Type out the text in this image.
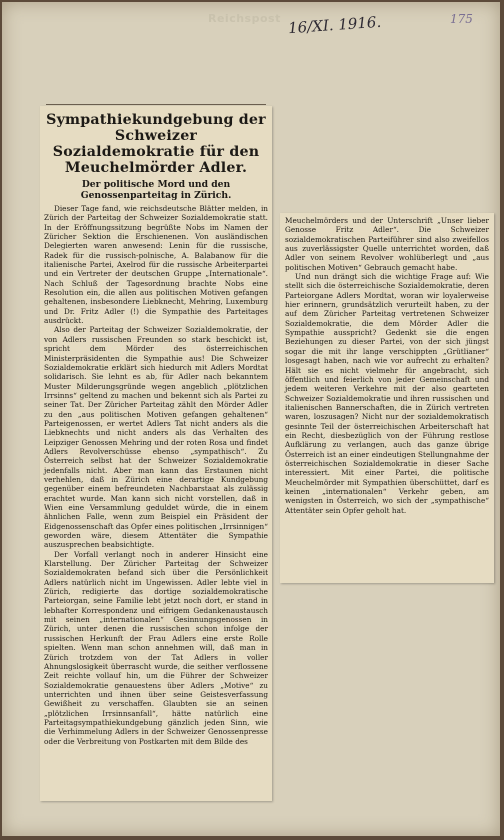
Reichspost 16/XI. 1916.	175
Sympathiekundgebung der Schweizer Sozialdemokratie für den Meuchelmörder Adler.
Der politische Mord und den Genossenparteitag in Zürich.

Dieser Tage fand, wie reichsdeutsche Blätter melden, in Zürich der Parteitag der Schweizer Sozialdemokratie statt. In der Eröffnungssitzung begrüßte Nobs im Namen der Züricher Sektion die Erschienenen. Von ausländischen Delegierten waren anwesend: Lenin für die russische, Radek für die russisch-polnische, A. Balabanow für die italienische Partei, Axelrod für die russische Arbeiterpartei und ein Vertreter der deutschen Gruppe „Internationale“. Nach Schluß der Tagesordnung brachte Nobs eine Resolution ein, die allen aus politischen Motiven gefangen gehaltenen, insbesondere Liebknecht, Mehring, Luxemburg und Dr. Fritz Adler (!) die Sympathie des Parteitages ausdrückt.

Also der Parteitag der Schweizer Sozialdemokratie, der von Adlers russischen Freunden so stark beschickt ist, spricht dem Mörder des österreichischen Ministerpräsidenten die Sympathie aus! Die Schweizer Sozialdemokratie erklärt sich hiedurch mit Adlers Mordtat solidarisch. Sie lehnt es ab, für Adler nach bekanntem Muster Milderungsgründe wegen angeblich „plötzlichen Irrsinns“ geltend zu machen und bekennt sich als Partei zu seiner Tat. Der Züricher Parteitag zählt den Mörder Adler zu den „aus politischen Motiven gefangen gehaltenen“ Parteigenossen, er wertet Adlers Tat nicht anders als die Liebknechts und nicht anders als das Verhalten des Leipziger Genossen Mehring und der roten Rosa und findet Adlers Revolverschüsse ebenso „sympathisch“. Zu Österreich selbst hat der Schweizer Sozialdemokratie jedenfalls nicht. Aber man kann das Erstaunen nicht verhehlen, daß in Zürich eine derartige Kundgebung gegenüber einem befreundeten Nachbarstaat als zulässig erachtet wurde. Man kann sich nicht vorstellen, daß in Wien eine Versammlung geduldet würde, die in einem ähnlichen Falle, wenn zum Beispiel ein Präsident der Eidgenossenschaft das Opfer eines politischen „Irrsinnigen“ geworden wäre, diesem Attentäter die Sympathie auszusprechen beabsichtigte.

Der Vorfall verlangt noch in anderer Hinsicht eine Klarstellung. Der Züricher Parteitag der Schweizer Sozialdemokraten befand sich über die Persönlichkeit Adlers natürlich nicht im Ungewissen. Adler lebte viel in Zürich, redigierte das dortige sozialdemokratische Parteiorgan, seine Familie lebt jetzt noch dort, er stand in lebhafter Korrespondenz und eifrigem Gedankenaustausch mit seinen „internationalen“ Gesinnungsgenossen in Zürich, unter denen die russischen schon infolge der russischen Herkunft der Frau Adlers eine erste Rolle spielten. Wenn man schon annehmen will, daß man in Zürich trotzdem von der Tat Adlers in voller Ahnungslosigkeit überrascht wurde, die seither verflossene Zeit reichte vollauf hin, um die Führer der Schweizer Sozialdemokratie genauestens über Adlers „Motive“ zu unterrichten und ihnen über seine Geistesverfassung Gewißheit zu verschaffen. Glaubten sie an seinen „plötzlichen Irrsinnsanfall“, hätte natürlich eine Parteitagsympathiekundgebung gänzlich jeden Sinn, wie die Verhimmelung Adlers in der Schweizer Genossenpresse oder die Verbreitung von Postkarten mit dem Bilde des

Meuchelmörders und der Unterschrift „Unser lieber Genosse Fritz Adler“. Die Schweizer sozialdemokratischen Parteiführer sind also zweifellos aus zuverlässigster Quelle unterrichtet worden, daß Adler von seinem Revolver wohlüberlegt und „aus politischen Motiven“ Gebrauch gemacht habe.

Und nun drängt sich die wichtige Frage auf: Wie stellt sich die österreichische Sozialdemokratie, deren Parteiorgane Adlers Mordtat, woran wir loyalerweise hier erinnern, grundsätzlich verurteilt haben, zu der auf dem Züricher Parteitag vertretenen Schweizer Sozialdemokratie, die dem Mörder Adler die Sympathie ausspricht? Gedenkt sie die engen Beziehungen zu dieser Partei, von der sich jüngst sogar die mit ihr lange verschippten „Grütlianer“ losgesagt haben, nach wie vor aufrecht zu erhalten? Hält sie es nicht vielmehr für angebracht, sich öffentlich und feierlich von jeder Gemeinschaft und jedem weiteren Verkehre mit der also gearteten Schweizer Sozialdemokratie und ihren russischen und italienischen Bannerschaften, die in Zürich vertreten waren, loszusagen? Nicht nur der sozialdemokratisch gesinnte Teil der österreichischen Arbeiterschaft hat ein Recht, diesbezüglich von der Führung restlose Aufklärung zu verlangen, auch das ganze übrige Österreich ist an einer eindeutigen Stellungnahme der österreichischen Sozialdemokratie in dieser Sache interessiert. Mit einer Partei, die politische Meuchelmörder mit Sympathien überschüttet, darf es keinen „internationalen“ Verkehr geben, am wenigsten in Österreich, wo sich der „sympathische“ Attentäter sein Opfer geholt hat.
